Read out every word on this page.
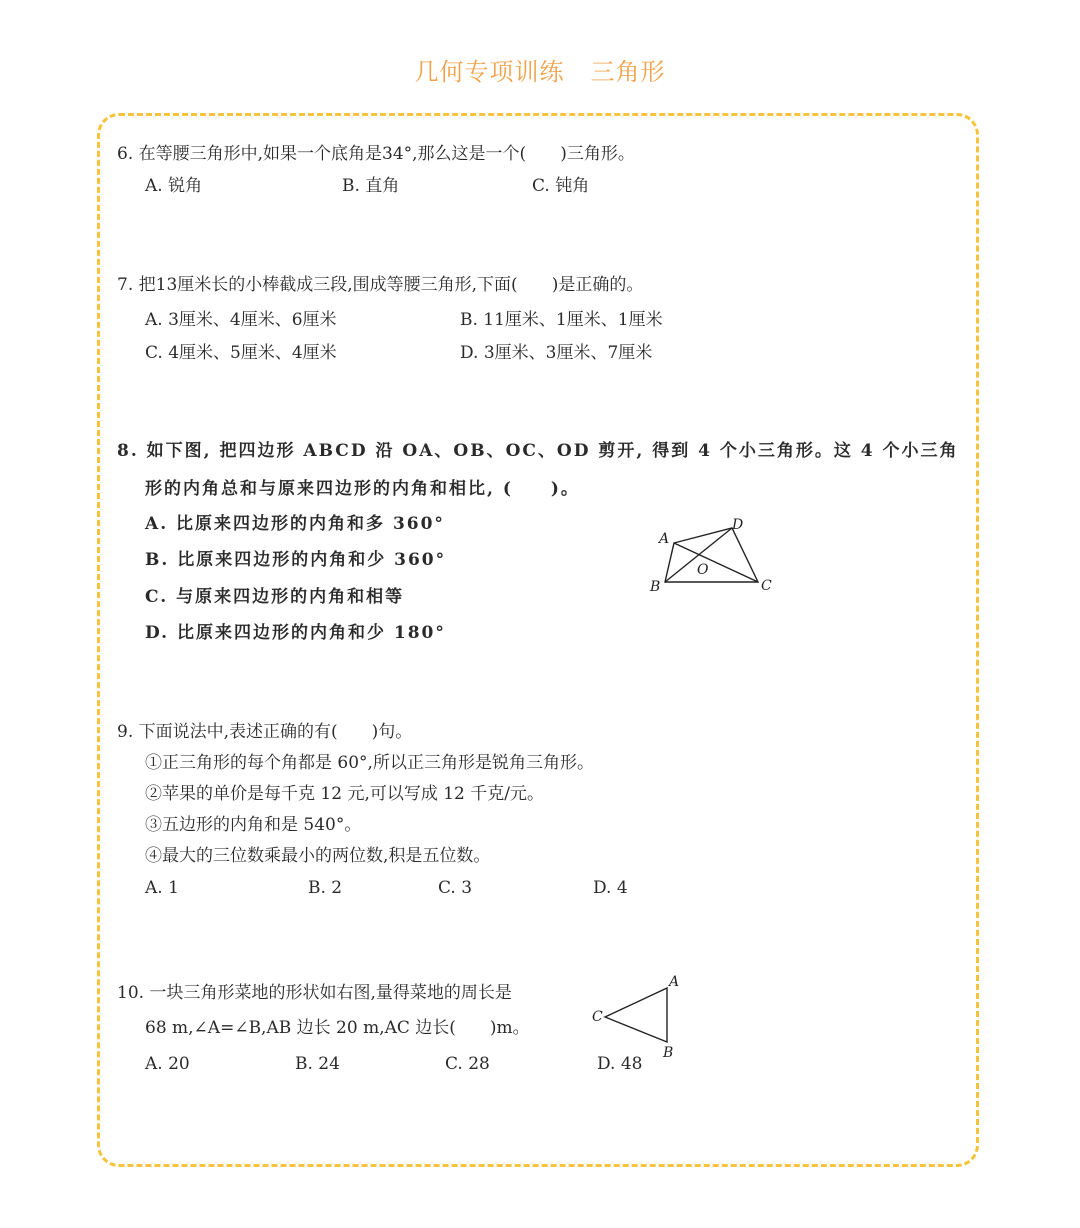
几何专项训练 三角形
6. 在等腰三角形中,如果一个底角是34°,那么这是一个(　　)三角形。
A. 锐角	B. 直角	C. 钝角
7. 把13厘米长的小棒截成三段,围成等腰三角形,下面(　　)是正确的。
A. 3厘米、4厘米、6厘米	B. 11厘米、1厘米、1厘米
C. 4厘米、5厘米、4厘米	D. 3厘米、3厘米、7厘米
8. 如下图, 把四边形 ABCD 沿 OA、OB、OC、OD 剪开, 得到 4 个小三角形。这 4 个小三角
形的内角总和与原来四边形的内角和相比, (　　)。
A. 比原来四边形的内角和多 360°
B. 比原来四边形的内角和少 360°
C. 与原来四边形的内角和相等
D. 比原来四边形的内角和少 180°
A
D
B	C
O
9. 下面说法中,表述正确的有(　　)句。
①正三角形的每个角都是 60°,所以正三角形是锐角三角形。
②苹果的单价是每千克 12 元,可以写成 12 千克/元。
③五边形的内角和是 540°。
④最大的三位数乘最小的两位数,积是五位数。
A. 1	B. 2	C. 3	D. 4
10. 一块三角形菜地的形状如右图,量得菜地的周长是
68 m,∠A=∠B,AB 边长 20 m,AC 边长(　　)m。
A. 20	B. 24	C. 28	D. 48
A
B
C
